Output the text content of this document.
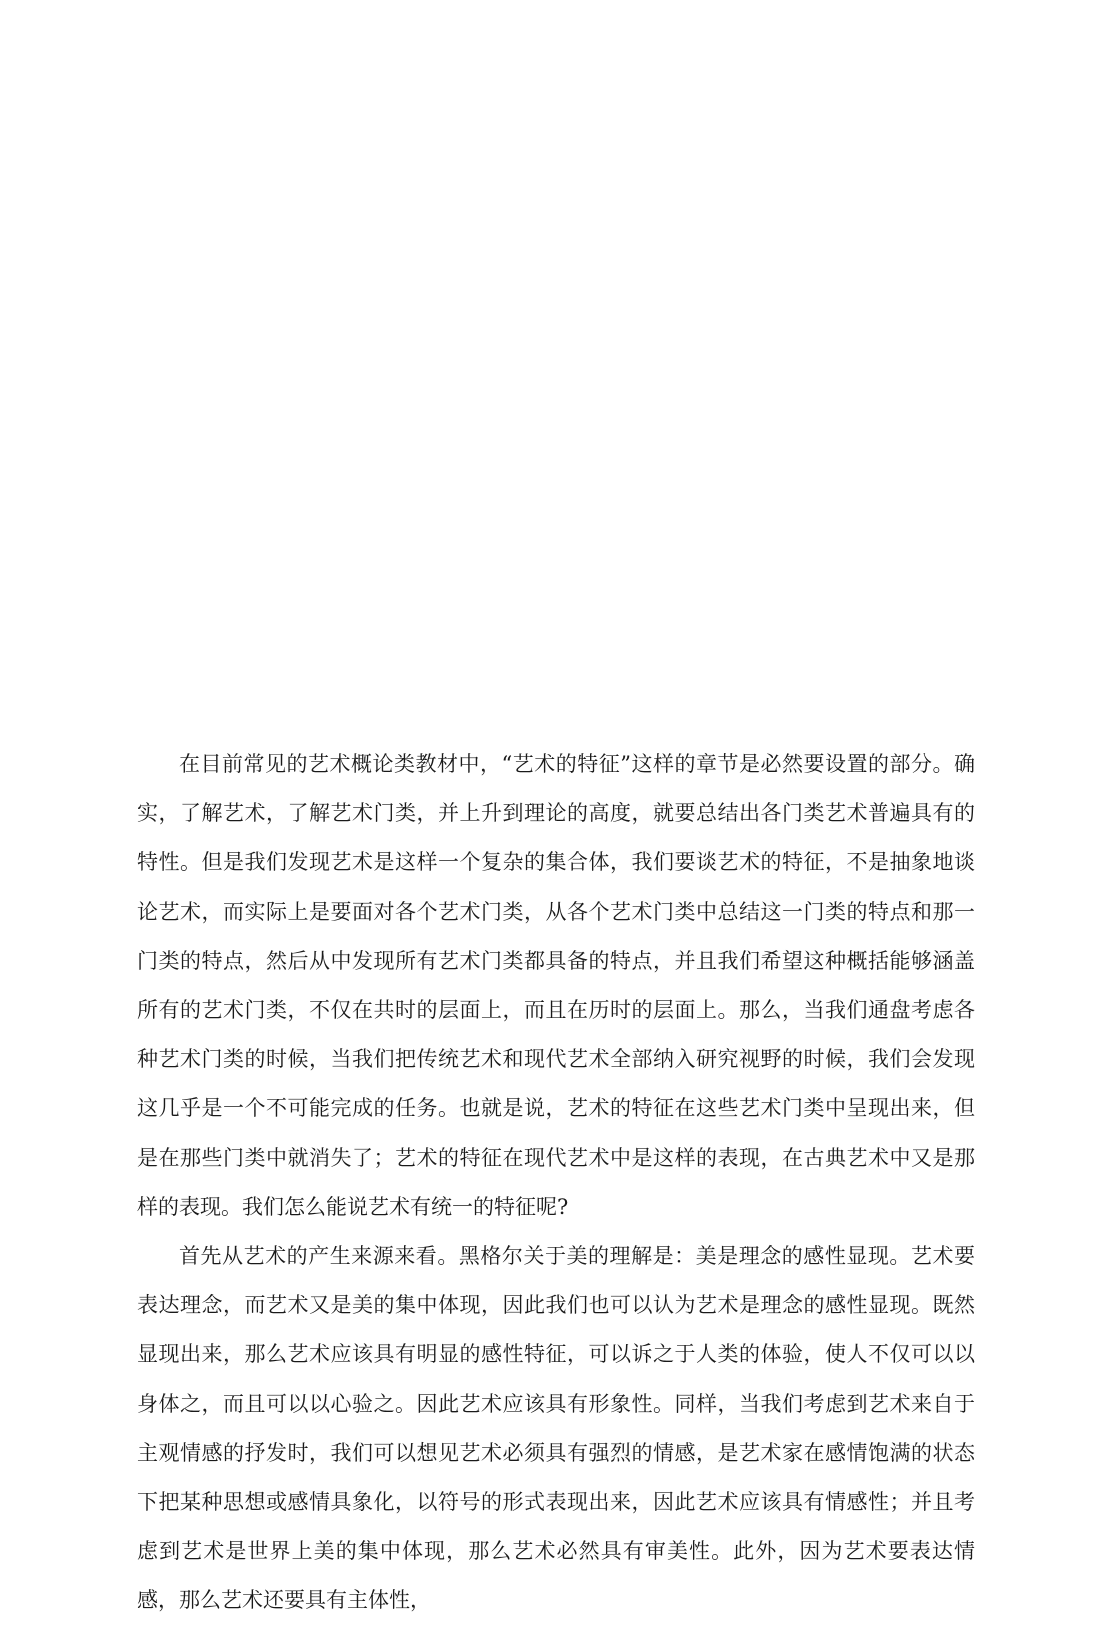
在目前常见的艺术概论类教材中，“艺术的特征”这样的章节是必然要设置的部分。确实，了解艺术，了解艺术门类，并上升到理论的高度，就要总结出各门类艺术普遍具有的特性。但是我们发现艺术是这样一个复杂的集合体，我们要谈艺术的特征，不是抽象地谈论艺术，而实际上是要面对各个艺术门类，从各个艺术门类中总结这一门类的特点和那一门类的特点，然后从中发现所有艺术门类都具备的特点，并且我们希望这种概括能够涵盖所有的艺术门类，不仅在共时的层面上，而且在历时的层面上。那么，当我们通盘考虑各种艺术门类的时候，当我们把传统艺术和现代艺术全部纳入研究视野的时候，我们会发现这几乎是一个不可能完成的任务。也就是说，艺术的特征在这些艺术门类中呈现出来，但是在那些门类中就消失了；艺术的特征在现代艺术中是这样的表现，在古典艺术中又是那样的表现。我们怎么能说艺术有统一的特征呢?

首先从艺术的产生来源来看。黑格尔关于美的理解是：美是理念的感性显现。艺术要表达理念，而艺术又是美的集中体现，因此我们也可以认为艺术是理念的感性显现。既然显现出来，那么艺术应该具有明显的感性特征，可以诉之于人类的体验，使人不仅可以以身体之，而且可以以心验之。因此艺术应该具有形象性。同样，当我们考虑到艺术来自于主观情感的抒发时，我们可以想见艺术必须具有强烈的情感，是艺术家在感情饱满的状态下把某种思想或感情具象化，以符号的形式表现出来，因此艺术应该具有情感性；并且考虑到艺术是世界上美的集中体现，那么艺术必然具有审美性。此外，因为艺术要表达情感，那么艺术还要具有主体性，
